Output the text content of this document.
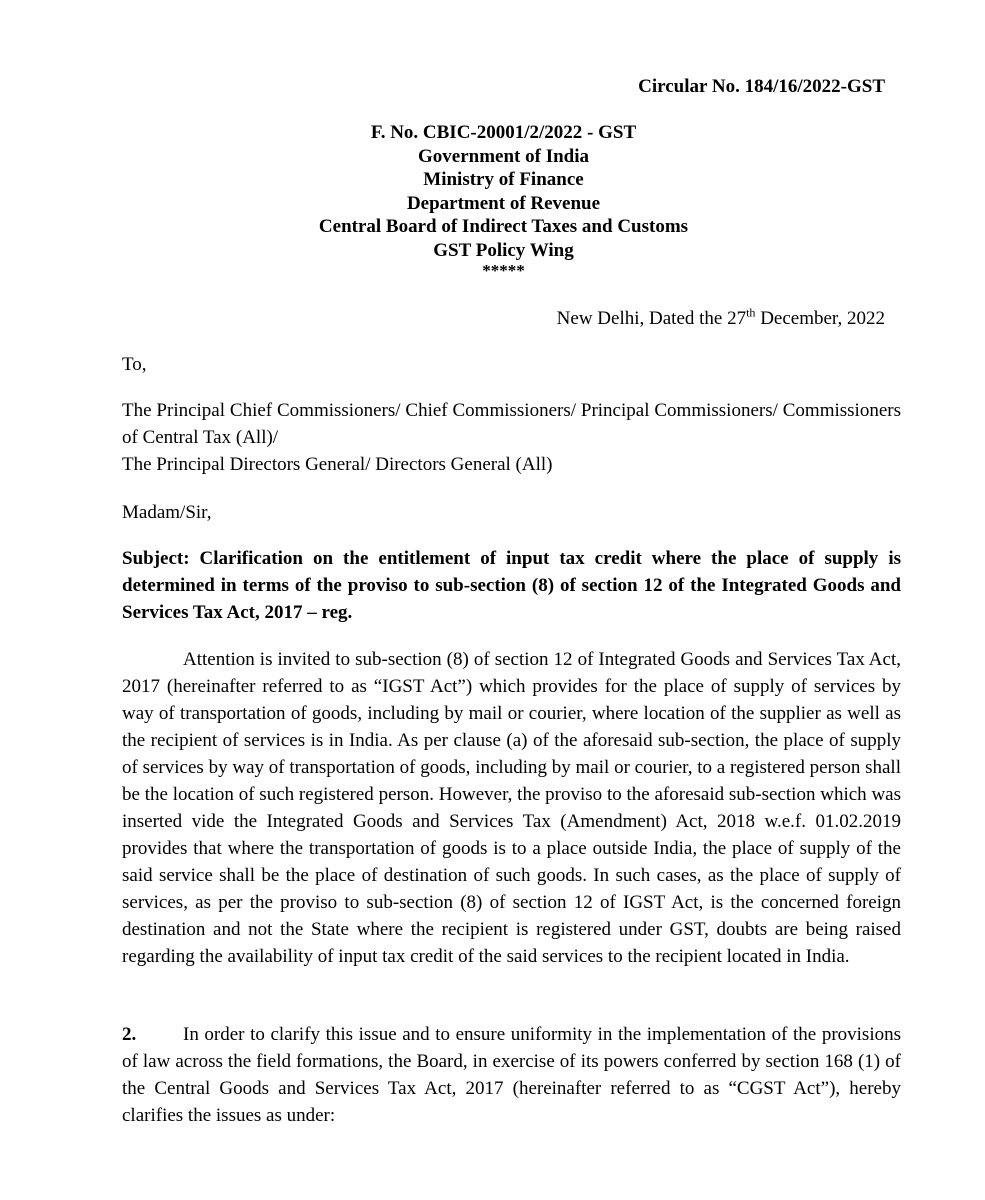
Circular No. 184/16/2022-GST
F. No. CBIC-20001/2/2022 - GST
Government of India
Ministry of Finance
Department of Revenue
Central Board of Indirect Taxes and Customs
GST Policy Wing
*****
New Delhi, Dated the 27th December, 2022

To,

The Principal Chief Commissioners/ Chief Commissioners/ Principal Commissioners/ Commissioners of Central Tax (All)/

The Principal Directors General/ Directors General (All)

Madam/Sir,

Subject: Clarification on the entitlement of input tax credit where the place of supply is determined in terms of the proviso to sub-section (8) of section 12 of the Integrated Goods and Services Tax Act, 2017 – reg.

Attention is invited to sub-section (8) of section 12 of Integrated Goods and Services Tax Act, 2017 (hereinafter referred to as “IGST Act”) which provides for the place of supply of services by way of transportation of goods, including by mail or courier, where location of the supplier as well as the recipient of services is in India. As per clause (a) of the aforesaid sub-section, the place of supply of services by way of transportation of goods, including by mail or courier, to a registered person shall be the location of such registered person. However, the proviso to the aforesaid sub-section which was inserted vide the Integrated Goods and Services Tax (Amendment) Act, 2018 w.e.f. 01.02.2019 provides that where the transportation of goods is to a place outside India, the place of supply of the said service shall be the place of destination of such goods. In such cases, as the place of supply of services, as per the proviso to sub-section (8) of section 12 of IGST Act, is the concerned foreign destination and not the State where the recipient is registered under GST, doubts are being raised regarding the availability of input tax credit of the said services to the recipient located in India.

2. In order to clarify this issue and to ensure uniformity in the implementation of the provisions of law across the field formations, the Board, in exercise of its powers conferred by section 168 (1) of the Central Goods and Services Tax Act, 2017 (hereinafter referred to as “CGST Act”), hereby clarifies the issues as under:
